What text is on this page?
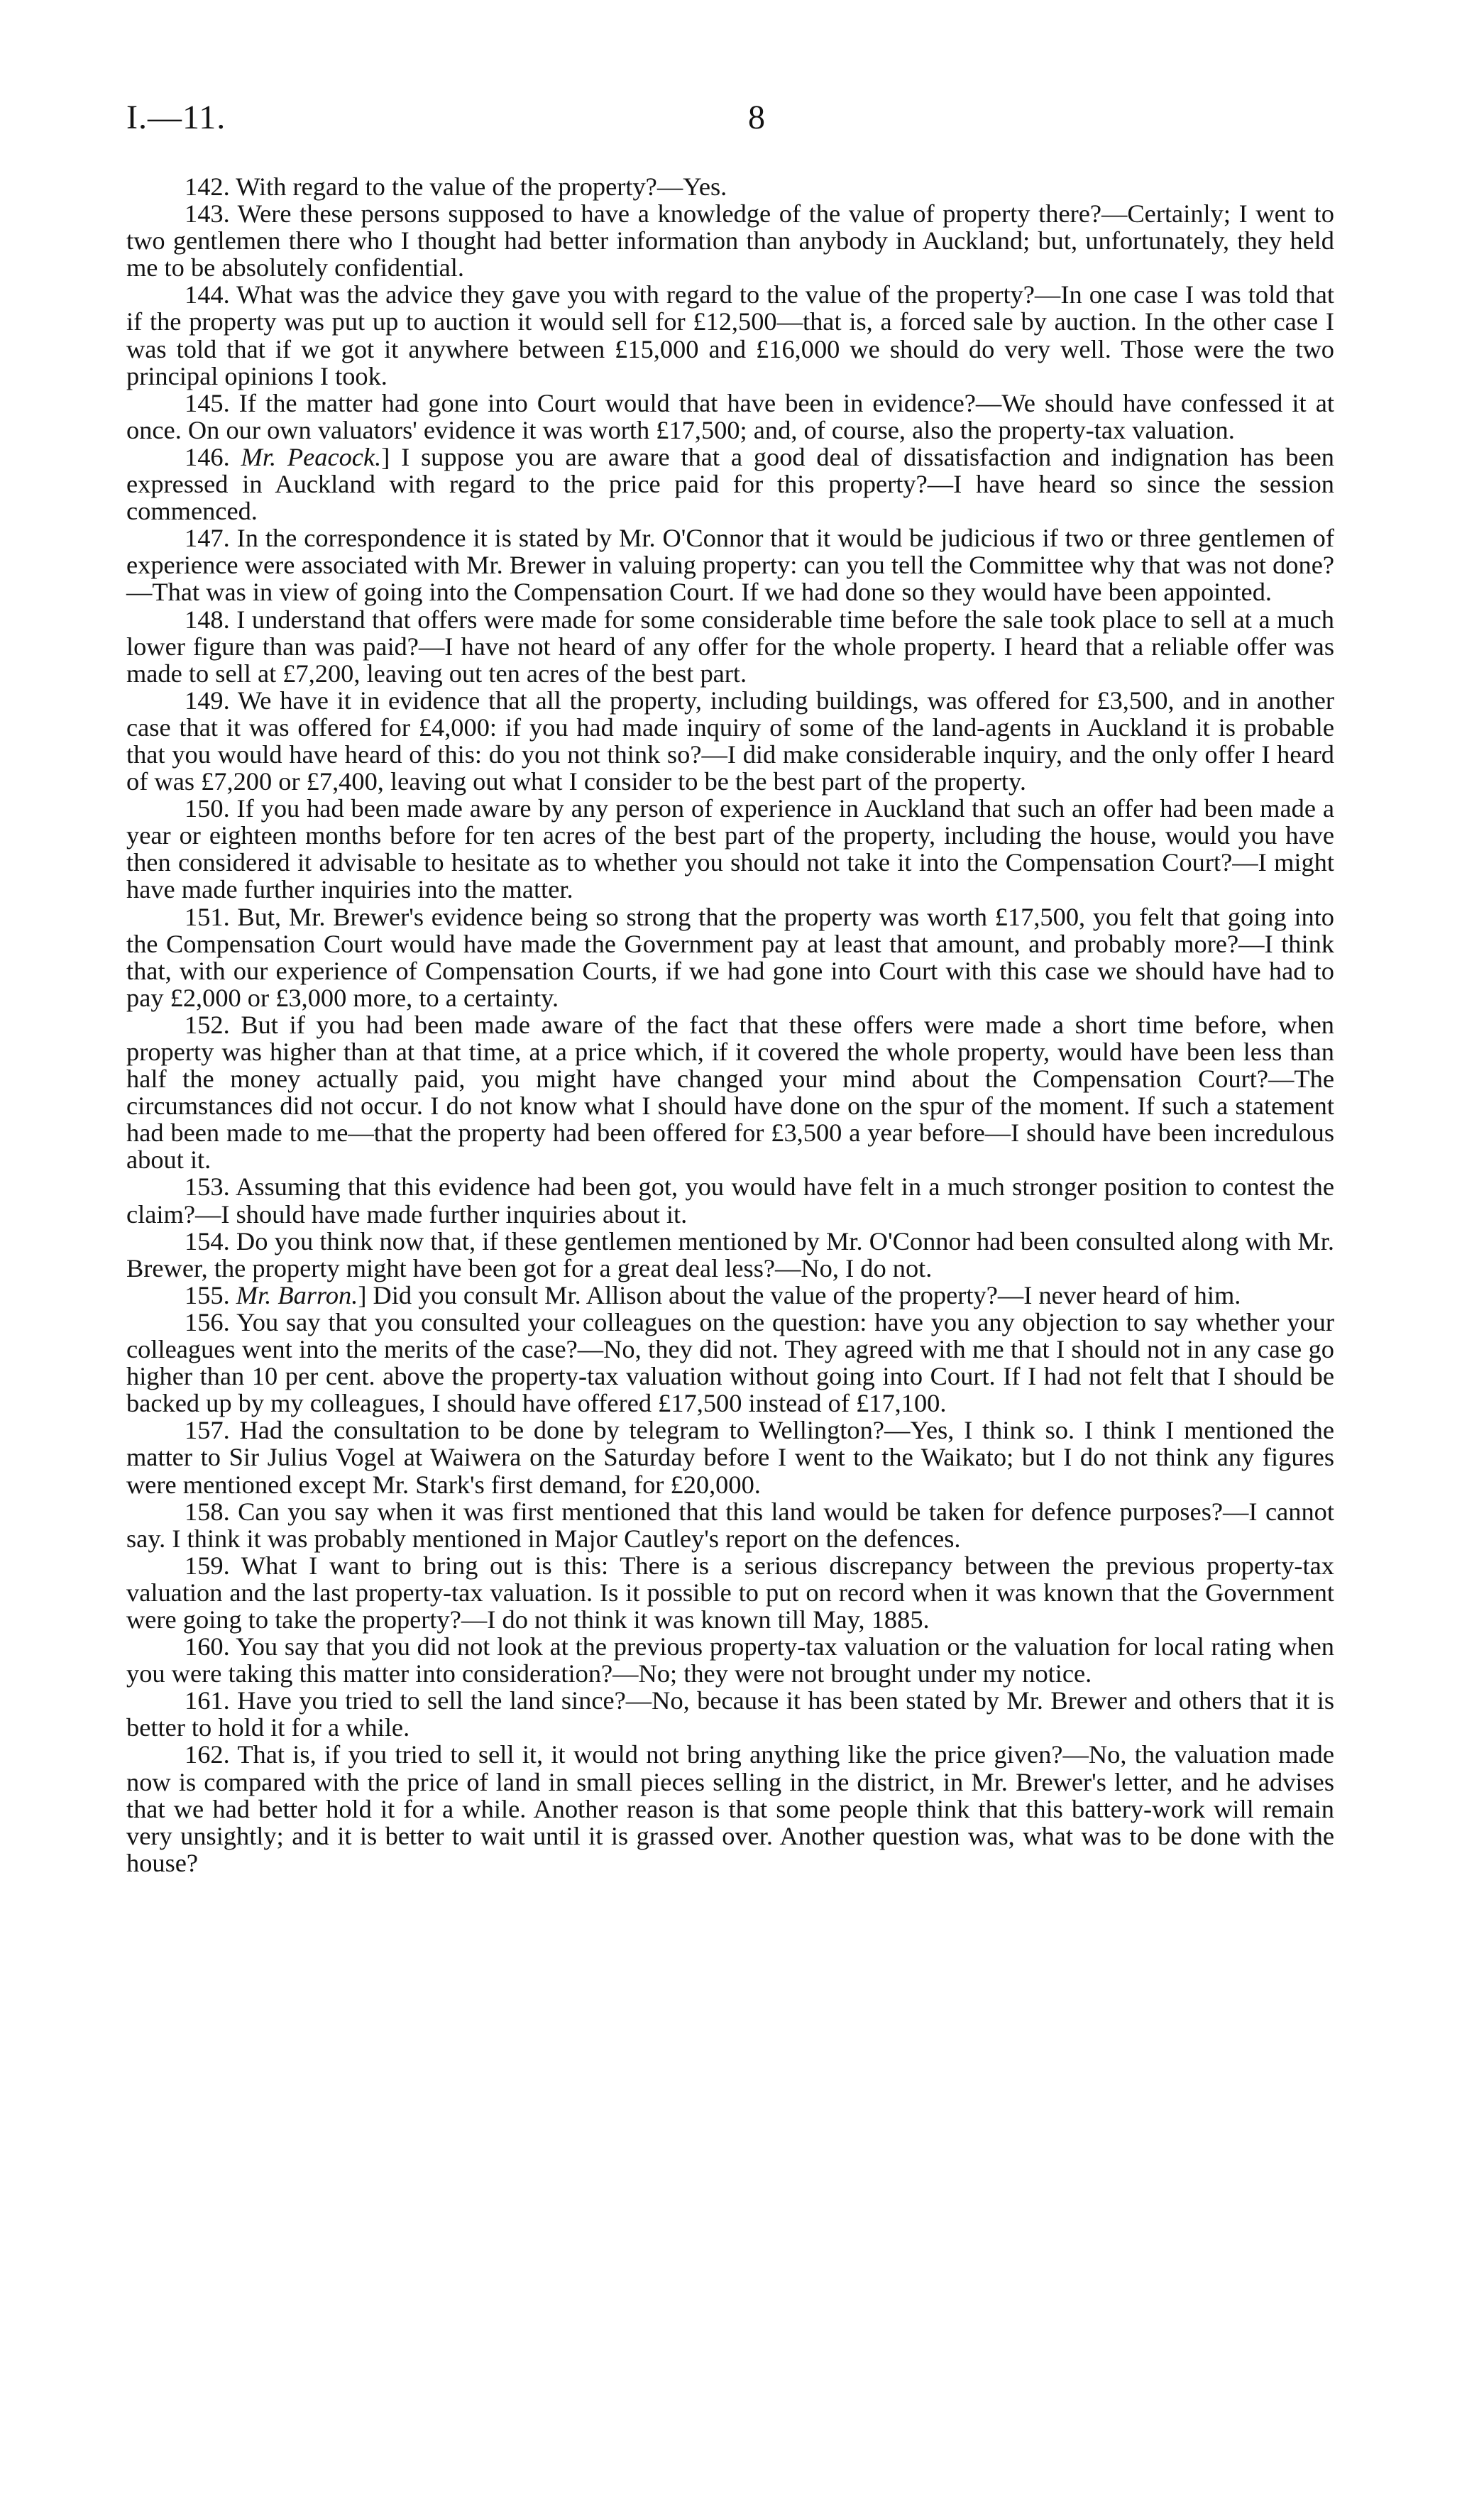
I.—11.	8

142. With regard to the value of the property?—Yes.

143. Were these persons supposed to have a knowledge of the value of property there?—Certainly; I went to two gentlemen there who I thought had better information than anybody in Auckland; but, unfortunately, they held me to be absolutely confidential.

144. What was the advice they gave you with regard to the value of the property?—In one case I was told that if the property was put up to auction it would sell for £12,500—that is, a forced sale by auction. In the other case I was told that if we got it anywhere between £15,000 and £16,000 we should do very well. Those were the two principal opinions I took.

145. If the matter had gone into Court would that have been in evidence?—We should have confessed it at once. On our own valuators' evidence it was worth £17,500; and, of course, also the property-tax valuation.

146. Mr. Peacock.] I suppose you are aware that a good deal of dissatisfaction and indignation has been expressed in Auckland with regard to the price paid for this property?—I have heard so since the session commenced.

147. In the correspondence it is stated by Mr. O'Connor that it would be judicious if two or three gentlemen of experience were associated with Mr. Brewer in valuing property: can you tell the Committee why that was not done?—That was in view of going into the Compensation Court. If we had done so they would have been appointed.

148. I understand that offers were made for some considerable time before the sale took place to sell at a much lower figure than was paid?—I have not heard of any offer for the whole property. I heard that a reliable offer was made to sell at £7,200, leaving out ten acres of the best part.

149. We have it in evidence that all the property, including buildings, was offered for £3,500, and in another case that it was offered for £4,000: if you had made inquiry of some of the land-agents in Auckland it is probable that you would have heard of this: do you not think so?—I did make considerable inquiry, and the only offer I heard of was £7,200 or £7,400, leaving out what I consider to be the best part of the property.

150. If you had been made aware by any person of experience in Auckland that such an offer had been made a year or eighteen months before for ten acres of the best part of the property, including the house, would you have then considered it advisable to hesitate as to whether you should not take it into the Compensation Court?—I might have made further inquiries into the matter.

151. But, Mr. Brewer's evidence being so strong that the property was worth £17,500, you felt that going into the Compensation Court would have made the Government pay at least that amount, and probably more?—I think that, with our experience of Compensation Courts, if we had gone into Court with this case we should have had to pay £2,000 or £3,000 more, to a certainty.

152. But if you had been made aware of the fact that these offers were made a short time before, when property was higher than at that time, at a price which, if it covered the whole property, would have been less than half the money actually paid, you might have changed your mind about the Compensation Court?—The circumstances did not occur. I do not know what I should have done on the spur of the moment. If such a statement had been made to me—that the property had been offered for £3,500 a year before—I should have been incredulous about it.

153. Assuming that this evidence had been got, you would have felt in a much stronger position to contest the claim?—I should have made further inquiries about it.

154. Do you think now that, if these gentlemen mentioned by Mr. O'Connor had been consulted along with Mr. Brewer, the property might have been got for a great deal less?—No, I do not.

155. Mr. Barron.] Did you consult Mr. Allison about the value of the property?—I never heard of him.

156. You say that you consulted your colleagues on the question: have you any objection to say whether your colleagues went into the merits of the case?—No, they did not. They agreed with me that I should not in any case go higher than 10 per cent. above the property-tax valuation without going into Court. If I had not felt that I should be backed up by my colleagues, I should have offered £17,500 instead of £17,100.

157. Had the consultation to be done by telegram to Wellington?—Yes, I think so. I think I mentioned the matter to Sir Julius Vogel at Waiwera on the Saturday before I went to the Waikato; but I do not think any figures were mentioned except Mr. Stark's first demand, for £20,000.

158. Can you say when it was first mentioned that this land would be taken for defence purposes?—I cannot say. I think it was probably mentioned in Major Cautley's report on the defences.

159. What I want to bring out is this: There is a serious discrepancy between the previous property-tax valuation and the last property-tax valuation. Is it possible to put on record when it was known that the Government were going to take the property?—I do not think it was known till May, 1885.

160. You say that you did not look at the previous property-tax valuation or the valuation for local rating when you were taking this matter into consideration?—No; they were not brought under my notice.

161. Have you tried to sell the land since?—No, because it has been stated by Mr. Brewer and others that it is better to hold it for a while.

162. That is, if you tried to sell it, it would not bring anything like the price given?—No, the valuation made now is compared with the price of land in small pieces selling in the district, in Mr. Brewer's letter, and he advises that we had better hold it for a while. Another reason is that some people think that this battery-work will remain very unsightly; and it is better to wait until it is grassed over. Another question was, what was to be done with the house?
